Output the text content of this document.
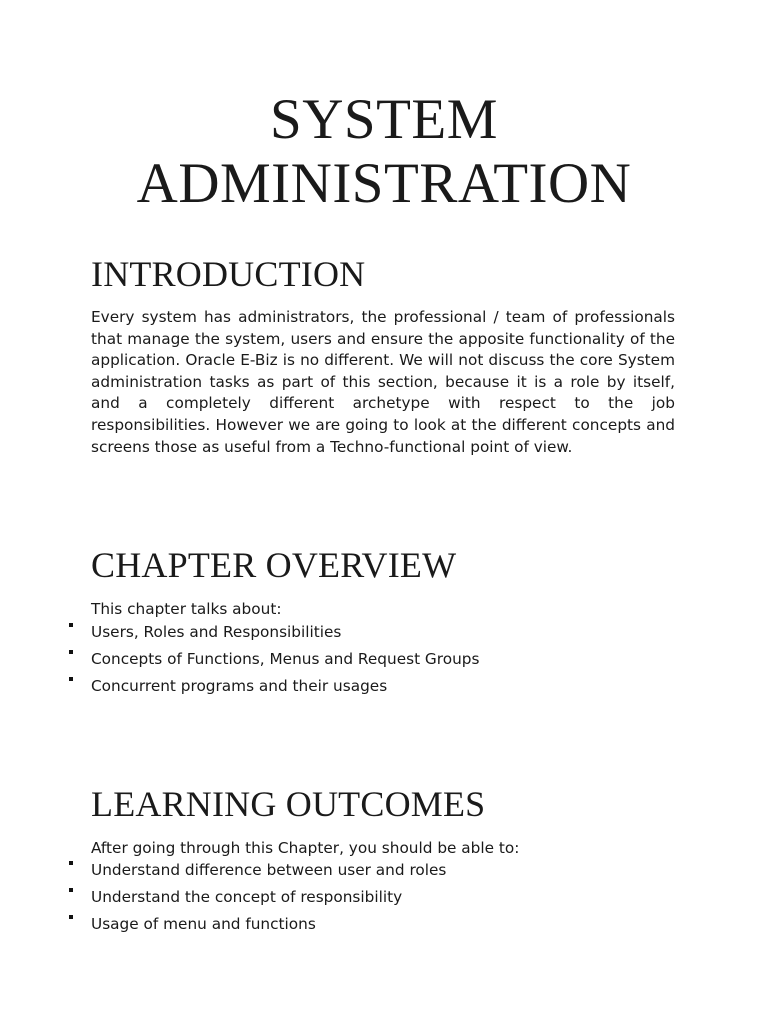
SYSTEM
ADMINISTRATION
INTRODUCTION

Every system has administrators, the professional / team of professionals that manage the system, users and ensure the apposite functionality of the application. Oracle E-Biz is no different. We will not discuss the core System administration tasks as part of this section, because it is a role by itself, and a completely different archetype with respect to the job responsibilities. However we are going to look at the different concepts and screens those as useful from a Techno-functional point of view.

CHAPTER OVERVIEW

This chapter talks about:

Users, Roles and Responsibilities
Concepts of Functions, Menus and Request Groups
Concurrent programs and their usages
LEARNING OUTCOMES

After going through this Chapter, you should be able to:

Understand difference between user and roles
Understand the concept of responsibility
Usage of menu and functions
